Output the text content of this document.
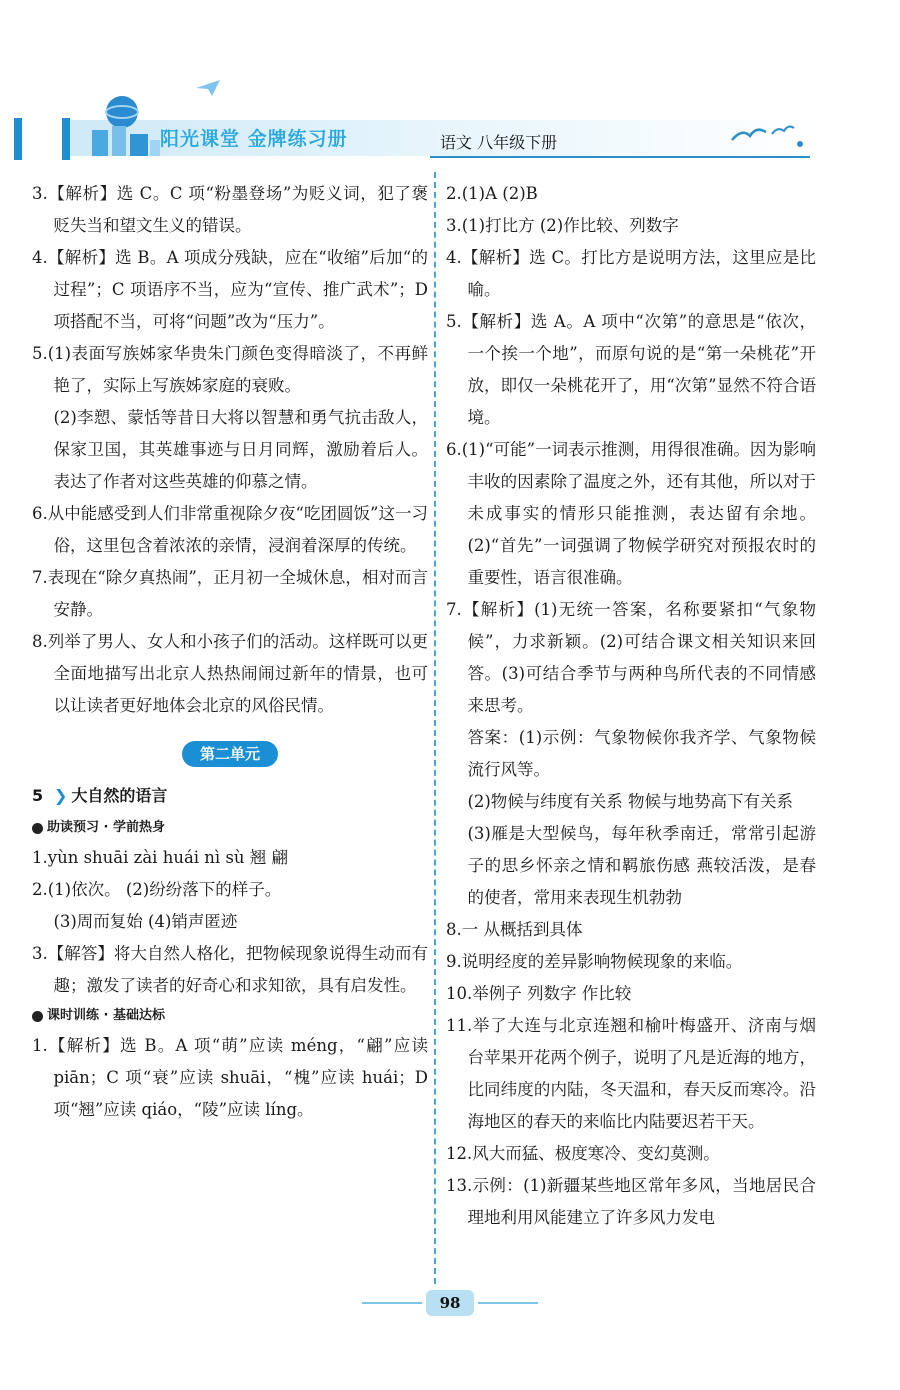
阳光课堂 金牌练习册	语文 八年级下册

3.【解析】选 C。C 项“粉墨登场”为贬义词，犯了褒贬失当和望文生义的错误。

4.【解析】选 B。A 项成分残缺，应在“收缩”后加“的过程”；C 项语序不当，应为“宣传、推广武术”；D 项搭配不当，可将“问题”改为“压力”。

5.(1)表面写族姊家华贵朱门颜色变得暗淡了，不再鲜艳了，实际上写族姊家庭的衰败。

(2)李愬、蒙恬等昔日大将以智慧和勇气抗击敌人，保家卫国，其英雄事迹与日月同辉，激励着后人。表达了作者对这些英雄的仰慕之情。

6.从中能感受到人们非常重视除夕夜“吃团圆饭”这一习俗，这里包含着浓浓的亲情，浸润着深厚的传统。

7.表现在“除夕真热闹”，正月初一全城休息，相对而言安静。

8.列举了男人、女人和小孩子们的活动。这样既可以更全面地描写出北京人热热闹闹过新年的情景，也可以让读者更好地体会北京的风俗民情。

第二单元
5 ❯ 大自然的语言
助读预习 · 学前热身

1.yùn shuāi zài huái nì sù 翘 翩

2.(1)依次。 (2)纷纷落下的样子。

(3)周而复始 (4)销声匿迹

3.【解答】将大自然人格化，把物候现象说得生动而有趣；激发了读者的好奇心和求知欲，具有启发性。

课时训练 · 基础达标

1.【解析】选 B。A 项“萌”应读 méng，“翩”应读 piān；C 项“衰”应读 shuāi，“槐”应读 huái；D 项“翘”应读 qiáo，“陵”应读 líng。

2.(1)A (2)B

3.(1)打比方 (2)作比较、列数字

4.【解析】选 C。打比方是说明方法，这里应是比喻。

5.【解析】选 A。A 项中“次第”的意思是“依次，一个挨一个地”，而原句说的是“第一朵桃花”开放，即仅一朵桃花开了，用“次第”显然不符合语境。

6.(1)“可能”一词表示推测，用得很准确。因为影响丰收的因素除了温度之外，还有其他，所以对于未成事实的情形只能推测，表达留有余地。 (2)“首先”一词强调了物候学研究对预报农时的重要性，语言很准确。

7.【解析】(1)无统一答案，名称要紧扣“气象物候”，力求新颖。(2)可结合课文相关知识来回答。(3)可结合季节与两种鸟所代表的不同情感来思考。

答案：(1)示例：气象物候你我齐学、气象物候流行风等。

(2)物候与纬度有关系 物候与地势高下有关系

(3)雁是大型候鸟，每年秋季南迁，常常引起游子的思乡怀亲之情和羁旅伤感 燕较活泼，是春的使者，常用来表现生机勃勃

8.一 从概括到具体

9.说明经度的差异影响物候现象的来临。

10.举例子 列数字 作比较

11.举了大连与北京连翘和榆叶梅盛开、济南与烟台苹果开花两个例子，说明了凡是近海的地方，比同纬度的内陆，冬天温和，春天反而寒冷。沿海地区的春天的来临比内陆要迟若干天。

12.风大而猛、极度寒冷、变幻莫测。

13.示例：(1)新疆某些地区常年多风，当地居民合理地利用风能建立了许多风力发电

98
